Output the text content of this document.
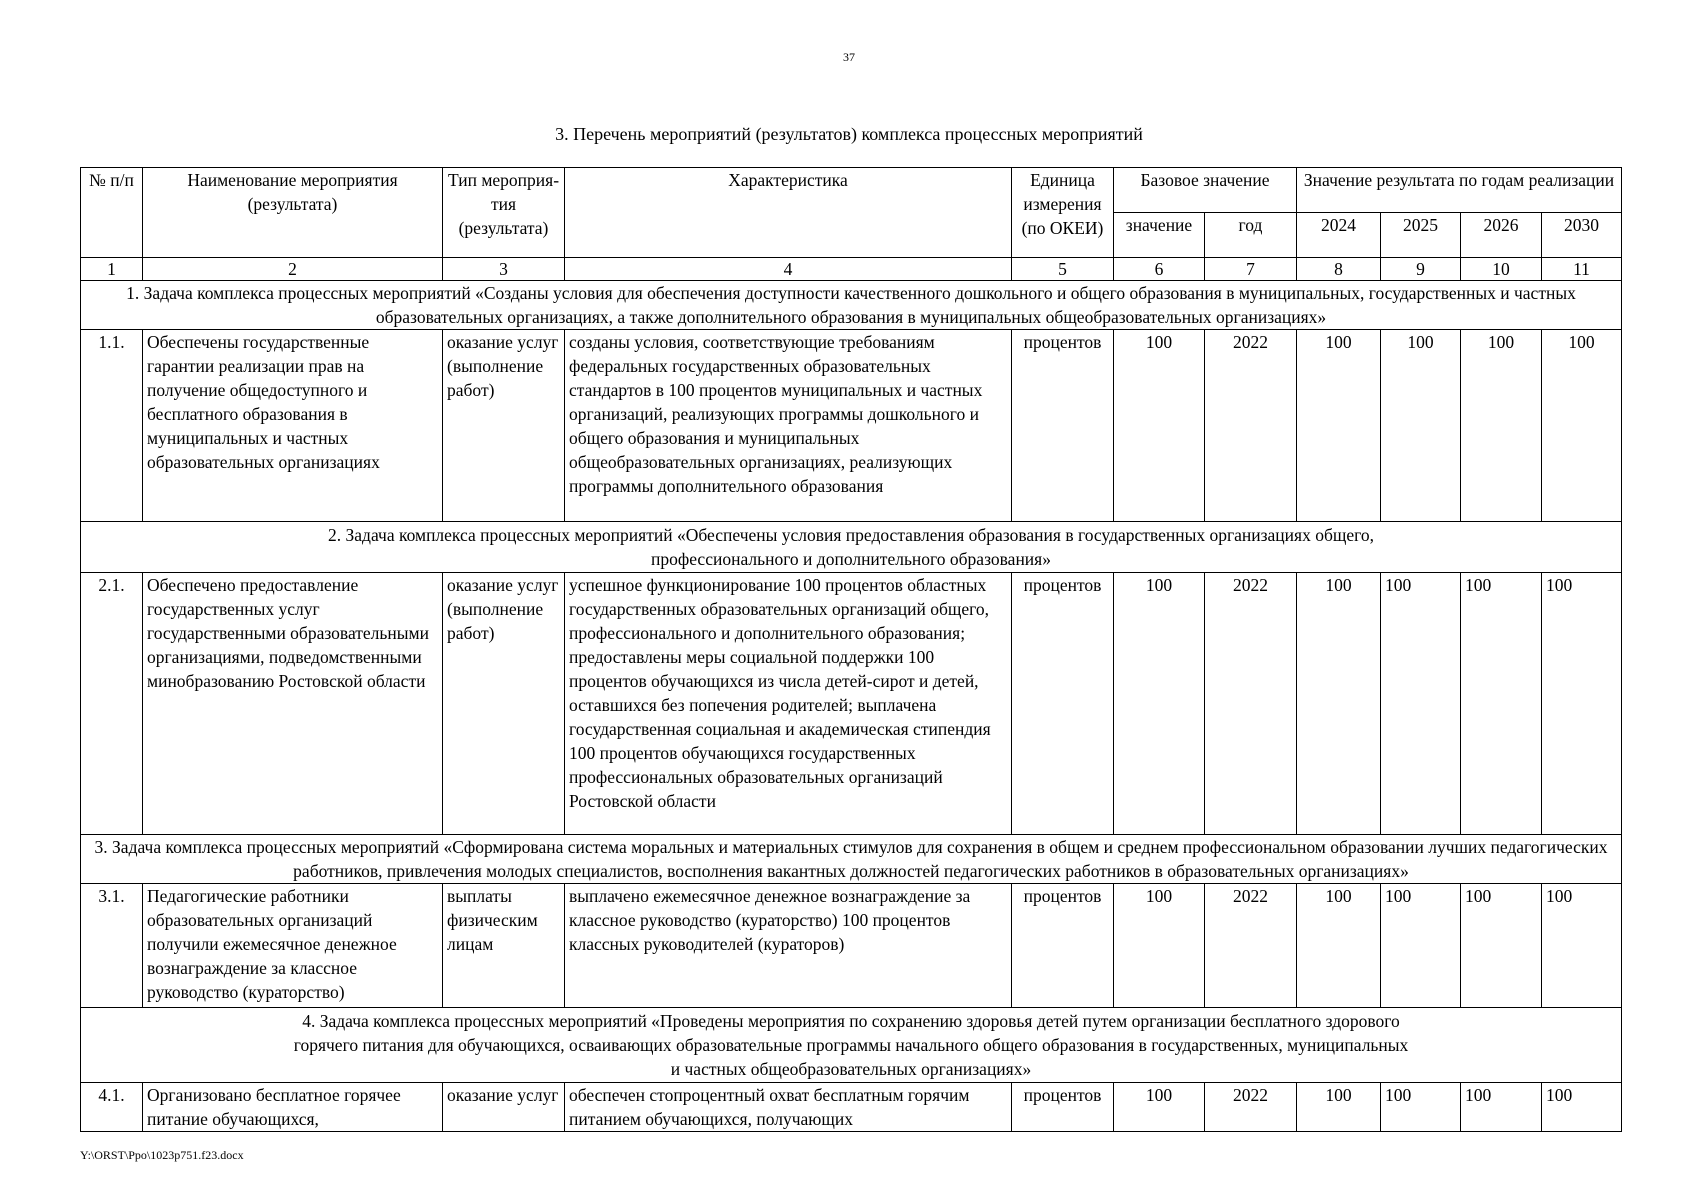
37
3. Перечень мероприятий (результатов) комплекса процессных мероприятий
№ п/п	Наименование мероприятия (результата)	Тип мероприя- тия (результата)	Характеристика	Единица измерения (по ОКЕИ)	Базовое значение		Значение результата по годам реализации			
					значение	год	2024	2025	2026	2030
1	2	3	4	5	6	7	8	9	10	11
1. Задача комплекса процессных мероприятий «Созданы условия для обеспечения доступности качественного дошкольного и общего образования в муниципальных, государственных и частных образовательных организациях, а также дополнительного образования в муниципальных общеобразовательных организациях»										
1.1.	Обеспечены государственные гарантии реализации прав на получение общедоступного и бесплатного образования в муниципальных и частных образовательных организациях	оказание услуг (выполнение работ)	созданы условия, соответствующие требованиям федеральных государственных образовательных стандартов в 100 процентов муниципальных и частных организаций, реализующих программы дошкольного и общего образования и муниципальных общеобразовательных организациях, реализующих программы дополнительного образования	процентов	100	2022	100	100	100	100
2. Задача комплекса процессных мероприятий «Обеспечены условия предоставления образования в государственных организациях общего, профессионального и дополнительного образования»										
2.1.	Обеспечено предоставление государственных услуг государственными образовательными организациями, подведомственными минобразованию Ростовской области	оказание услуг (выполнение работ)	успешное функционирование 100 процентов областных государственных образовательных организаций общего, профессионального и дополнительного образования; предоставлены меры социальной поддержки 100 процентов обучающихся из числа детей-сирот и детей, оставшихся без попечения родителей; выплачена государственная социальная и академическая стипендия 100 процентов обучающихся государственных профессиональных образовательных организаций Ростовской области	процентов	100	2022	100	100	100	100
3. Задача комплекса процессных мероприятий «Сформирована система моральных и материальных стимулов для сохранения в общем и среднем профессиональном образовании лучших педагогических работников, привлечения молодых специалистов, восполнения вакантных должностей педагогических работников в образовательных организациях»										
3.1.	Педагогические работники образовательных организаций получили ежемесячное денежное вознаграждение за классное руководство (кураторство)	выплаты физическим лицам	выплачено ежемесячное денежное вознаграждение за классное руководство (кураторство) 100 процентов классных руководителей (кураторов)	процентов	100	2022	100	100	100	100
4. Задача комплекса процессных мероприятий «Проведены мероприятия по сохранению здоровья детей путем организации бесплатного здорового горячего питания для обучающихся, осваивающих образовательные программы начального общего образования в государственных, муниципальных и частных общеобразовательных организациях»										
4.1.	Организовано бесплатное горячее питание обучающихся,	оказание услуг	обеспечен стопроцентный охват бесплатным горячим питанием обучающихся, получающих	процентов	100	2022	100	100	100	100
Y:\ORST\Ppo\1023p751.f23.docx
